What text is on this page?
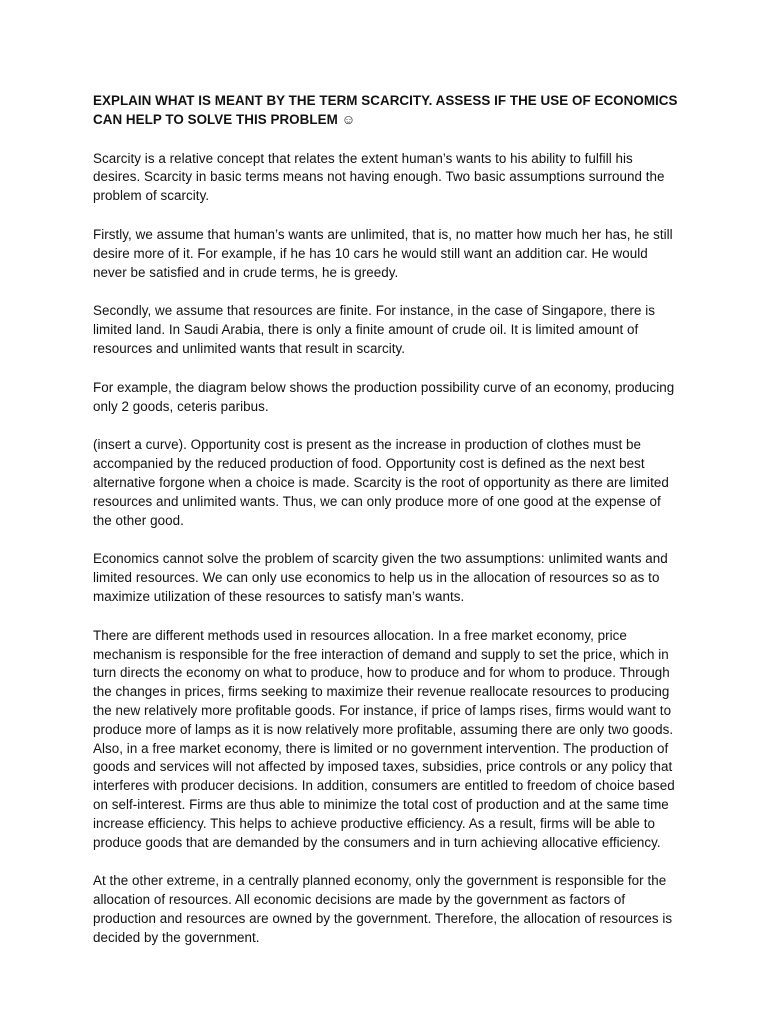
EXPLAIN WHAT IS MEANT BY THE TERM SCARCITY. ASSESS IF THE USE OF ECONOMICS CAN HELP TO SOLVE THIS PROBLEM ☺

Scarcity is a relative concept that relates the extent human’s wants to his ability to fulfill his desires. Scarcity in basic terms means not having enough. Two basic assumptions surround the problem of scarcity.

Firstly, we assume that human’s wants are unlimited, that is, no matter how much her has, he still desire more of it. For example, if he has 10 cars he would still want an addition car. He would never be satisfied and in crude terms, he is greedy.

Secondly, we assume that resources are finite. For instance, in the case of Singapore, there is limited land. In Saudi Arabia, there is only a finite amount of crude oil. It is limited amount of resources and unlimited wants that result in scarcity.

For example, the diagram below shows the production possibility curve of an economy, producing only 2 goods, ceteris paribus.

(insert a curve). Opportunity cost is present as the increase in production of clothes must be accompanied by the reduced production of food. Opportunity cost is defined as the next best alternative forgone when a choice is made. Scarcity is the root of opportunity as there are limited resources and unlimited wants. Thus, we can only produce more of one good at the expense of the other good.

Economics cannot solve the problem of scarcity given the two assumptions: unlimited wants and limited resources. We can only use economics to help us in the allocation of resources so as to maximize utilization of these resources to satisfy man’s wants.

There are different methods used in resources allocation. In a free market economy, price mechanism is responsible for the free interaction of demand and supply to set the price, which in turn directs the economy on what to produce, how to produce and for whom to produce. Through the changes in prices, firms seeking to maximize their revenue reallocate resources to producing the new relatively more profitable goods. For instance, if price of lamps rises, firms would want to produce more of lamps as it is now relatively more profitable, assuming there are only two goods. Also, in a free market economy, there is limited or no government intervention. The production of goods and services will not affected by imposed taxes, subsidies, price controls or any policy that interferes with producer decisions. In addition, consumers are entitled to freedom of choice based on self-interest. Firms are thus able to minimize the total cost of production and at the same time increase efficiency. This helps to achieve productive efficiency. As a result, firms will be able to produce goods that are demanded by the consumers and in turn achieving allocative efficiency.

At the other extreme, in a centrally planned economy, only the government is responsible for the allocation of resources. All economic decisions are made by the government as factors of production and resources are owned by the government. Therefore, the allocation of resources is decided by the government.
